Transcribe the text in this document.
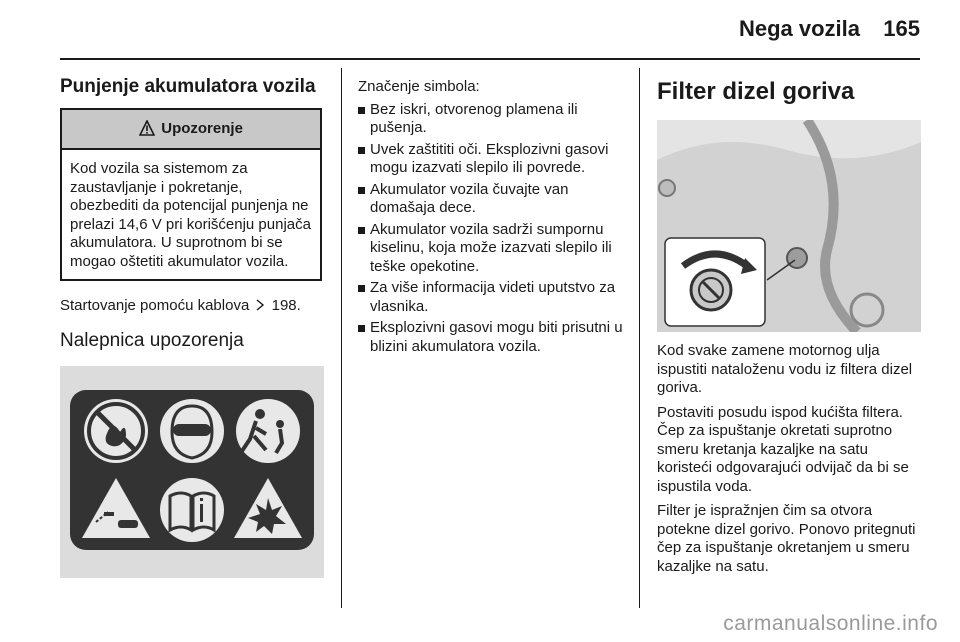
Nega vozila 165
Punjenje akumulatora vozila
Upozorenje
Kod vozila sa sistemom za zaustavljanje i pokretanje, obezbediti da potencijal punjenja ne prelazi 14,6 V pri korišćenju punjača akumulatora. U suprotnom bi se mogao oštetiti akumulator vozila.

Startovanje pomoću kablova 198.

Nalepnica upozorenja

Značenje simbola:

Bez iskri, otvorenog plamena ili pušenja.
Uvek zaštititi oči. Eksplozivni gasovi mogu izazvati slepilo ili povrede.
Akumulator vozila čuvajte van domašaja dece.
Akumulator vozila sadrži sumpornu kiselinu, koja može izazvati slepilo ili teške opekotine.
Za više informacija videti uputstvo za vlasnika.
Eksplozivni gasovi mogu biti prisutni u blizini akumulatora vozila.
Filter dizel goriva

Kod svake zamene motornog ulja ispustiti nataloženu vodu iz filtera dizel goriva.

Postaviti posudu ispod kućišta filtera. Čep za ispuštanje okretati suprotno smeru kretanja kazaljke na satu koristeći odgovarajući odvijač da bi se ispustila voda.

Filter je ispražnjen čim sa otvora potekne dizel gorivo. Ponovo pritegnuti čep za ispuštanje okretanjem u smeru kazaljke na satu.

carmanualsonline.info
